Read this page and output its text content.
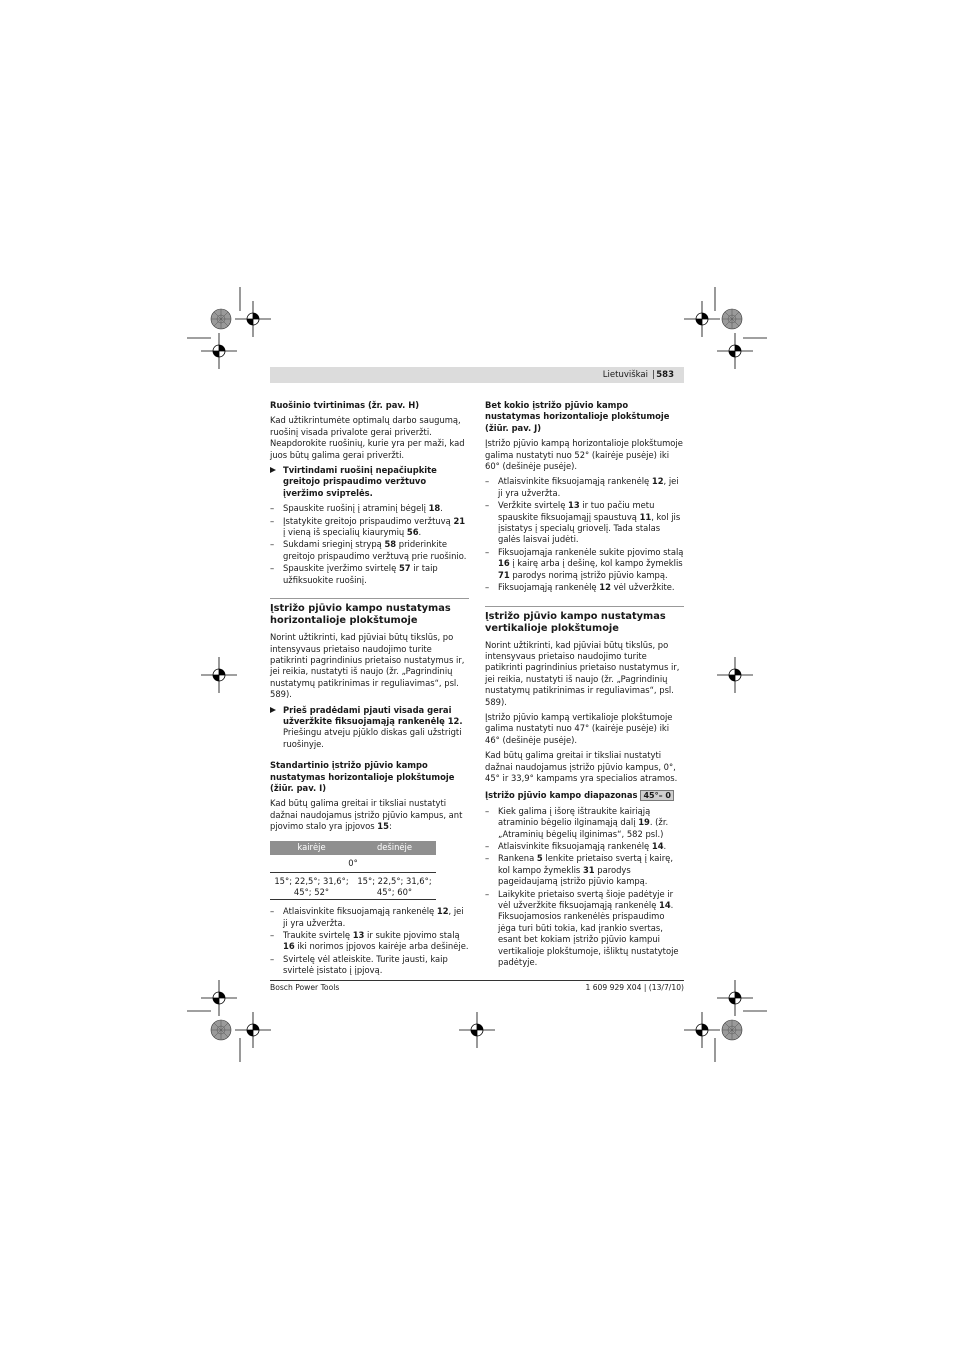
Lietuviškai | 583
Ruošinio tvirtinimas (žr. pav. H)

Kad užtikrintumėte optimalų darbo saugumą, ruošinį visada privalote gerai priveržti. Neapdorokite ruošinių, kurie yra per maži, kad juos būtų galima gerai priveržti.

Tvirtindami ruošinį nepačiupkite greitojo prispaudimo veržtuvo įveržimo sviртelės.
– Spauskite ruošinį į atraminį bėgelį 18.
– Įstatykite greitojo prispaudimo veržtuvą 21 į vieną iš specialių kiaurymių 56.
– Sukdami srieginį strypą 58 priderinkite greitojo prispaudimo veržtuvą prie ruošinio.
– Spauskite įveržimo svirtelę 57 ir taip užfiksuokite ruošinį.
Įstrižo pjūvio kampo nustatymas horizontalioje plokštumoje

Norint užtikrinti, kad pjūviai būtų tikslūs, po intensyvaus prietaiso naudojimo turite patikrinti pagrindinius prietaiso nustatymus ir, jei reikia, nustatyti iš naujo (žr. „Pagrindinių nustatymų patikrinimas ir reguliavimas“, psl. 589).

Prieš pradėdami pjauti visada gerai užveržkite fiksuojamąją rankenėlę 12.
Priešingu atveju pjūklo diskas gali užstrigti ruošinyje.
Standartinio įstrižo pjūvio kampo nustatymas horizontalioje plokštumoje (žiūr. pav. I)

Kad būtų galima greitai ir tiksliai nustatyti dažnai naudojamus įstrižo pjūvio kampus, ant pjovimo stalo yra įpjovos 15:

kairėje	dešinėje
0°
15°; 22,5°; 31,6°; 45°; 52°
15°; 22,5°; 31,6°; 45°; 60°
– Atlaisvinkite fiksuojamąją rankenėlę 12, jei ji yra užveržta.
– Traukite svirtelę 13 ir sukite pjovimo stalą 16 iki norimos įpjovos kairėje arba dešinėje.
– Svirtelę vėl atleiskite. Turite jausti, kaip svirtelė įsistato į įpjovą.
Bet kokio įstrižo pjūvio kampo nustatymas horizontalioje plokštumoje (žiūr. pav. J)

Įstrižo pjūvio kampą horizontalioje plokštumoje galima nustatyti nuo 52° (kairėje pusėje) iki 60° (dešinėje pusėje).

– Atlaisvinkite fiksuojamąją rankenėlę 12, jei ji yra užveržta.
– Veržkite svirtelę 13 ir tuo pačiu metu spauskite fiksuojamąjį spaustuvą 11, kol jis įsistatys į specialų griovelį. Tada stalas galės laisvai judėti.
– Fiksuojamąja rankenėle sukite pjovimo stalą 16 į kairę arba į dešinę, kol kampo žymeklis 71 parodys norimą įstrižo pjūvio kampą.
– Fiksuojamąją rankenėlę 12 vėl užveržkite.
Įstrižo pjūvio kampo nustatymas vertikalioje plokštumoje

Norint užtikrinti, kad pjūviai būtų tikslūs, po intensyvaus prietaiso naudojimo turite patikrinti pagrindinius prietaiso nustatymus ir, jei reikia, nustatyti iš naujo (žr. „Pagrindinių nustatymų patikrinimas ir reguliavimas“, psl. 589).

Įstrižo pjūvio kampą vertikalioje plokštumoje galima nustatyti nuo 47° (kairėje pusėje) iki 46° (dešinėje pusėje).

Kad būtų galima greitai ir tiksliai nustatyti dažnai naudojamus įstrižo pjūvio kampus, 0°, 45° ir 33,9° kampams yra specialios atramos.

Įstrižo pjūvio kampo diapazonas 45°– 0
– Kiek galima į išorę ištraukite kairiąją atraminio bėgelio ilginamąją dalį 19. (žr. „Atraminių bėgelių ilginimas“, 582 psl.)
– Atlaisvinkite fiksuojamąją rankenėlę 14.
– Rankena 5 lenkite prietaiso svertą į kairę, kol kampo žymeklis 31 parodys pageidaujamą įstrižo pjūvio kampą.
– Laikykite prietaiso svertą šioje padėtyje ir vėl užveržkite fiksuojamąją rankenėlę 14. Fiksuojamosios rankenėlės prispaudimo jėga turi būti tokia, kad įrankio svertas, esant bet kokiam įstrižo pjūvio kampui vertikalioje plokštumoje, išliktų nustatytoje padėtyje.
Bosch Power Tools	1 609 929 X04 | (13/7/10)
